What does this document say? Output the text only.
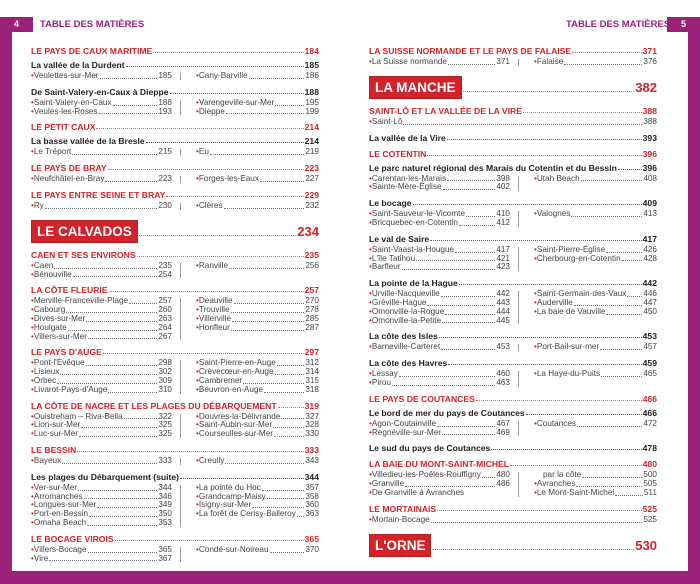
4	5
TABLE DES MATIÈRES	TABLE DES MATIÈRES
LE PAYS DE CAUX MARITIME	184
La vallée de la Durdent	185
• Veulettes-sur-Mer	185	• Cany-Barville	186
De Saint-Valery-en-Caux à Dieppe	188
• Saint-Valery-en-Caux	188
• Veules-les-Roses	193
• Varengeville-sur-Mer	195
• Dieppe	199
LE PETIT CAUX	214
La basse vallée de la Bresle	214
• Le Tréport	215	• Eu	219
LE PAYS DE BRAY	223
• Neufchâtel-en-Bray	223	• Forges-les-Eaux	227
LE PAYS ENTRE SEINE ET BRAY	229
• Ry	230	• Clères	232
LE CALVADOS	234
CAEN ET SES ENVIRONS	235
• Caen	235
• Bénouville	254
• Ranville	256
LA CÔTE FLEURIE	257
• Merville-Franceville-Plage	257
• Cabourg	260
• Dives-sur-Mer	263
• Houlgate	264
• Villers-sur-Mer	267
• Deauville	270
• Trouville	278
• Villerville	285
• Honfleur	287
LE PAYS D'AUGE	297
• Pont-l'Évêque	298
• Lisieux	302
• Orbec	309
• Livarot-Pays-d'Auge	310
• Saint-Pierre-en-Auge	312
• Crèvecœur-en-Auge	314
• Cambremer	315
• Beuvron-en-Auge	318
LA CÔTE DE NACRE ET LES PLAGES DU DÉBARQUEMENT	319
• Ouistreham – Riva-Bella	322
• Lion-sur-Mer	325
• Luc-sur-Mer	325
• Douvres-la-Délivrande	327
• Saint-Aubin-sur-Mer	328
• Courseulles-sur-Mer	330
LE BESSIN	333
• Bayeux	333	• Creully	343
Les plages du Débarquement (suite)	344
• Ver-sur-Mer	344
• Arromanches	346
• Longues-sur-Mer	349
• Port-en-Bessin	350
• Omaha Beach	353
• La pointe du Hoc	357
• Grandcamp-Maisy	358
• Isigny-sur-Mer	360
• La forêt de Cerisy-Balleroy 363
LE BOCAGE VIROIS	365
• Villers-Bocage	365
• Vire	367
• Condé-sur-Noireau	370
LA SUISSE NORMANDE ET LE PAYS DE FALAISE	371
• La Suisse normande	371	• Falaise	376
LA MANCHE	382
SAINT-LÔ ET LA VALLÉE DE LA VIRE	388
• Saint-Lô	388
La vallée de la Vire	393
LE COTENTIN	396
Le parc naturel régional des Marais du Cotentin et du Bessin	396
• Carentan-les-Marais	398
• Sainte-Mère-Église	402
• Utah Beach	408
Le bocage	409
• Saint-Sauveur-le-Vicomte	410
• Bricquebec-en-Cotentin	412
• Valognes	413
Le val de Saire	417
• Saint-Vaast-la-Hougue	417
• L'île Tatihou	421
• Barfleur	423
• Saint-Pierre-Église	426
• Cherbourg-en-Cotentin	428
La pointe de la Hague	442
• Urville-Nacqueville	442
• Gréville-Hague	443
• Omonville-la-Rogue	444
• Omonville-la-Petite	445
• Saint-Germain-des-Vaux 446
• Auderville	447
• La baie de Vauville	450
La côte des Isles	453
• Barneville-Carteret	453	• Port-Bail-sur-mer	457
La côte des Havres	459
• Lessay	460
• Pirou	463
• La Haye-du-Puits	465
LE PAYS DE COUTANCES	466
Le bord de mer du pays de Coutances	466
• Agon-Coutainville	467
• Regnéville-sur-Mer	469
• Coutances	472
Le sud du pays de Coutances	478
LA BAIE DU MONT-SAINT-MICHEL	480
• Villedieu-les-Poêles-Rouffigny 480
• Granville	486
• De Granville à Avranches
par la côte	500
• Avranches	505
• Le Mont-Saint-Michel	511
LE MORTAINAIS	525
• Mortain-Bocage	525
L'ORNE	530
